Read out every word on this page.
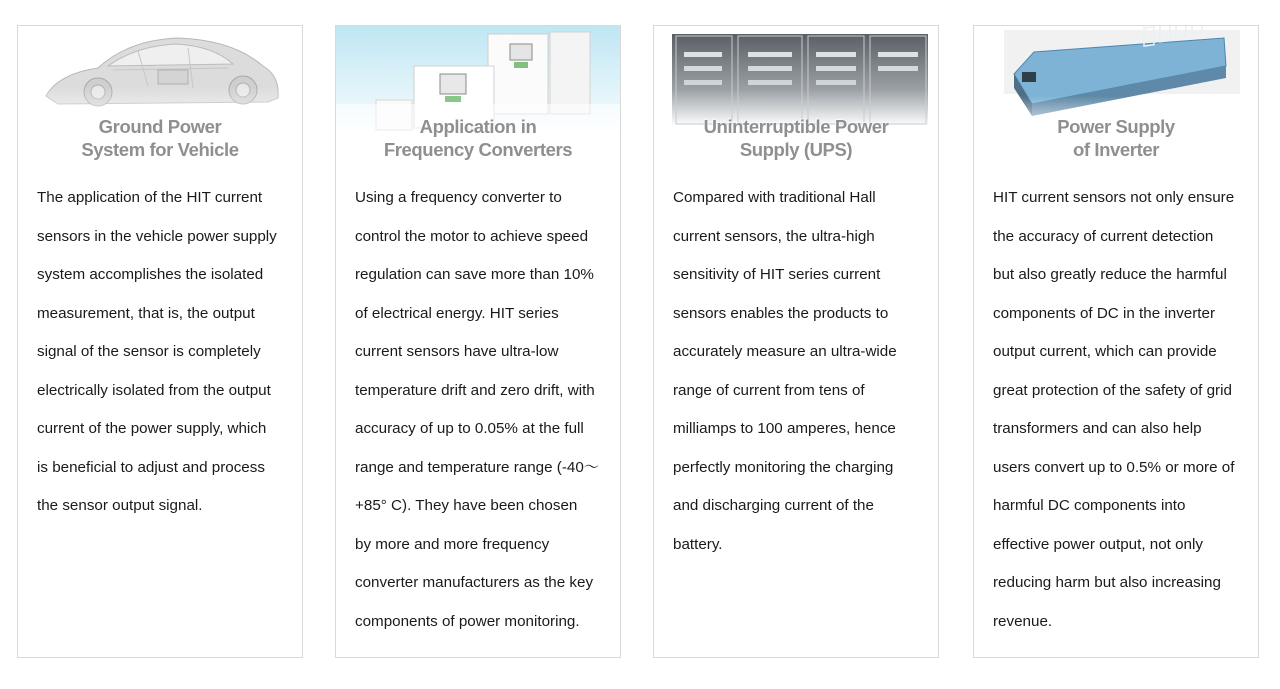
Ground Power
System for Vehicle
The application of the HIT current
sensors in the vehicle power supply
system accomplishes the isolated
measurement, that is, the output
signal of the sensor is completely
electrically isolated from the output
current of the power supply, which
is beneficial to adjust and process
the sensor output signal.
Application in
Frequency Converters
Using a frequency converter to
control the motor to achieve speed
regulation can save more than 10%
of electrical energy. HIT series
current sensors have ultra-low
temperature drift and zero drift, with
accuracy of up to 0.05% at the full
range and temperature range (-40～
+85° C). They have been chosen
by more and more frequency
converter manufacturers as the key
components of power monitoring.
Uninterruptible Power
Supply (UPS)
Compared with traditional Hall
current sensors, the ultra-high
sensitivity of HIT series current
sensors enables the products to
accurately measure an ultra-wide
range of current from tens of
milliamps to 100 amperes, hence
perfectly monitoring the charging
and discharging current of the
battery.
Power Supply
of Inverter
HIT current sensors not only ensure
the accuracy of current detection
but also greatly reduce the harmful
components of DC in the inverter
output current, which can provide
great protection of the safety of grid
transformers and can also help
users convert up to 0.5% or more of
harmful DC components into
effective power output, not only
reducing harm but also increasing
revenue.
